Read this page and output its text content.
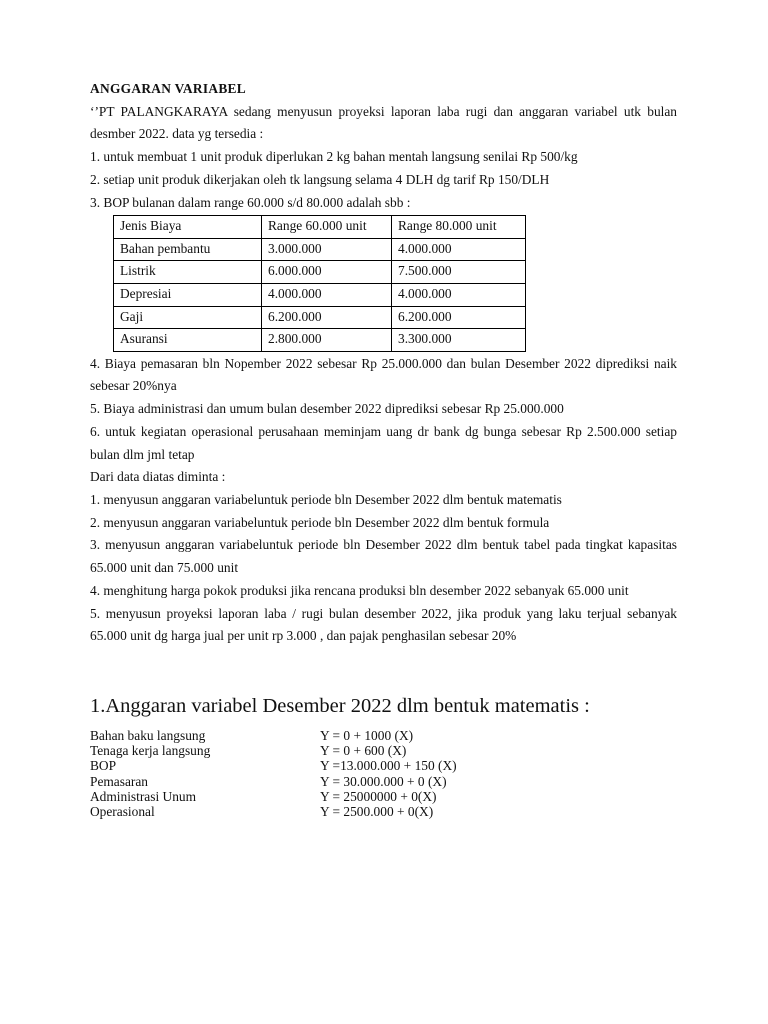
ANGGARAN VARIABEL

‘’PT PALANGKARAYA sedang menyusun proyeksi laporan laba rugi dan anggaran variabel utk bulan desmber 2022. data yg tersedia :

1. untuk membuat 1 unit produk diperlukan 2 kg bahan mentah langsung senilai Rp 500/kg

2. setiap unit produk dikerjakan oleh tk langsung selama 4 DLH dg tarif Rp 150/DLH

3. BOP bulanan dalam range 60.000 s/d 80.000 adalah sbb :

Jenis Biaya	Range 60.000 unit	Range 80.000 unit
Bahan pembantu	3.000.000	4.000.000
Listrik	6.000.000	7.500.000
Depresiai	4.000.000	4.000.000
Gaji	6.200.000	6.200.000
Asuransi	2.800.000	3.300.000

4. Biaya pemasaran bln Nopember 2022 sebesar Rp 25.000.000 dan bulan Desember 2022 diprediksi naik sebesar 20%nya

5. Biaya administrasi dan umum bulan desember 2022 diprediksi sebesar Rp 25.000.000

6. untuk kegiatan operasional perusahaan meminjam uang dr bank dg bunga sebesar Rp 2.500.000 setiap bulan dlm jml tetap

Dari data diatas diminta :

1. menyusun anggaran variabeluntuk periode bln Desember 2022 dlm bentuk matematis

2. menyusun anggaran variabeluntuk periode bln Desember 2022 dlm bentuk formula

3. menyusun anggaran variabeluntuk periode bln Desember 2022 dlm bentuk tabel pada tingkat kapasitas 65.000 unit dan 75.000 unit

4. menghitung harga pokok produksi jika rencana produksi bln desember 2022 sebanyak 65.000 unit

5. menyusun proyeksi laporan laba / rugi bulan desember 2022, jika produk yang laku terjual sebanyak 65.000 unit dg harga jual per unit rp 3.000 , dan pajak penghasilan sebesar 20%

1.Anggaran variabel Desember 2022 dlm bentuk matematis :

Bahan baku langsung	Y = 0 + 1000 (X)
Tenaga kerja langsung	Y = 0 + 600 (X)
BOP	Y =13.000.000 + 150 (X)
Pemasaran	Y = 30.000.000 + 0 (X)
Administrasi Unum	Y = 25000000 + 0(X)
Operasional	Y = 2500.000 + 0(X)
